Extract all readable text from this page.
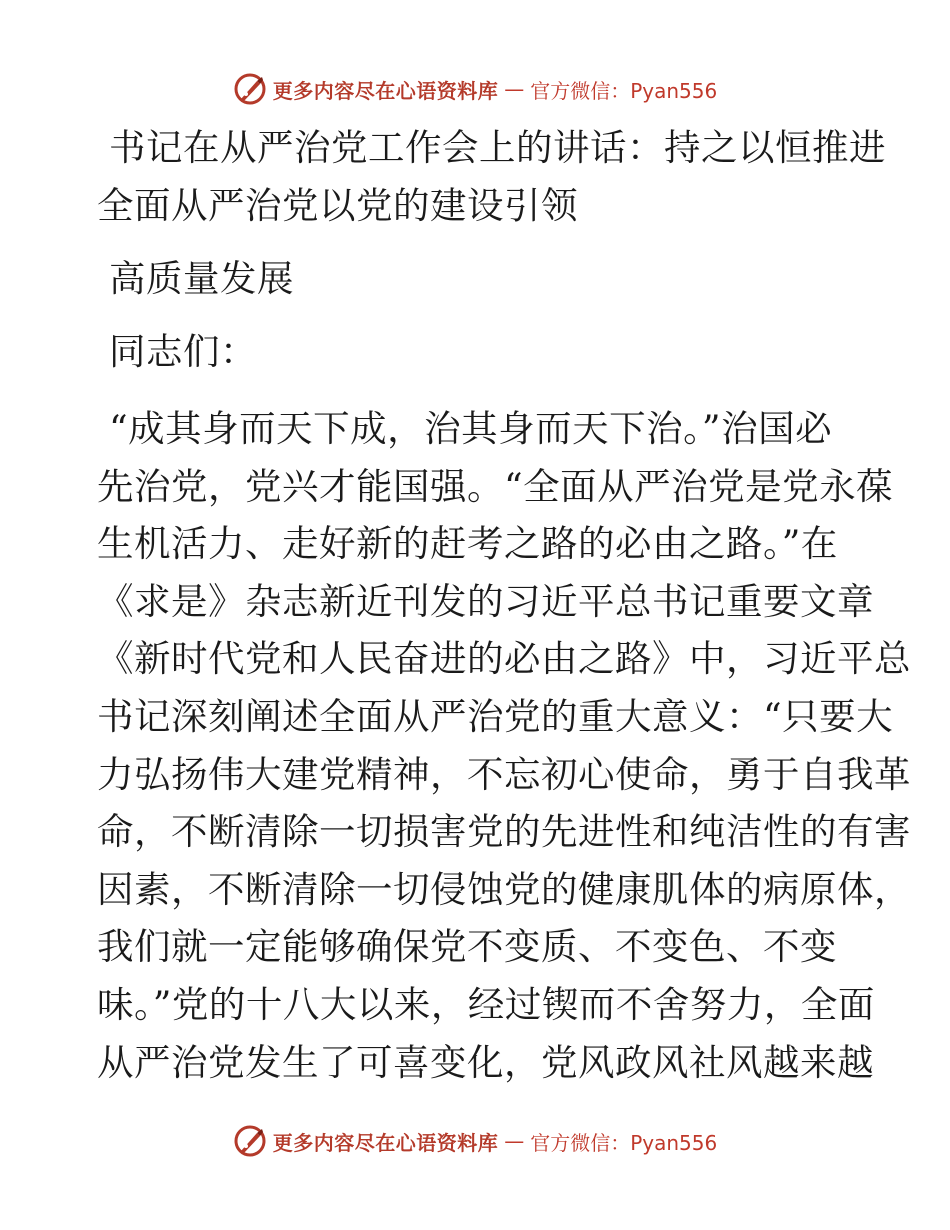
更多内容尽在心语资料库 — 官方微信：Pyan556
书记在从严治党工作会上的讲话：持之以恒推进
全面从严治党以党的建设引领
高质量发展
同志们：
“成其身而天下成，治其身而天下治。”治国必
先治党，党兴才能国强。“全面从严治党是党永葆
生机活力、走好新的赶考之路的必由之路。”在
《求是》杂志新近刊发的习近平总书记重要文章
《新时代党和人民奋进的必由之路》中，习近平总
书记深刻阐述全面从严治党的重大意义：“只要大
力弘扬伟大建党精神，不忘初心使命，勇于自我革
命，不断清除一切损害党的先进性和纯洁性的有害
因素，不断清除一切侵蚀党的健康肌体的病原体，
我们就一定能够确保党不变质、不变色、不变
味。”党的十八大以来，经过锲而不舍努力，全面
从严治党发生了可喜变化，党风政风社风越来越
更多内容尽在心语资料库 — 官方微信：Pyan556
